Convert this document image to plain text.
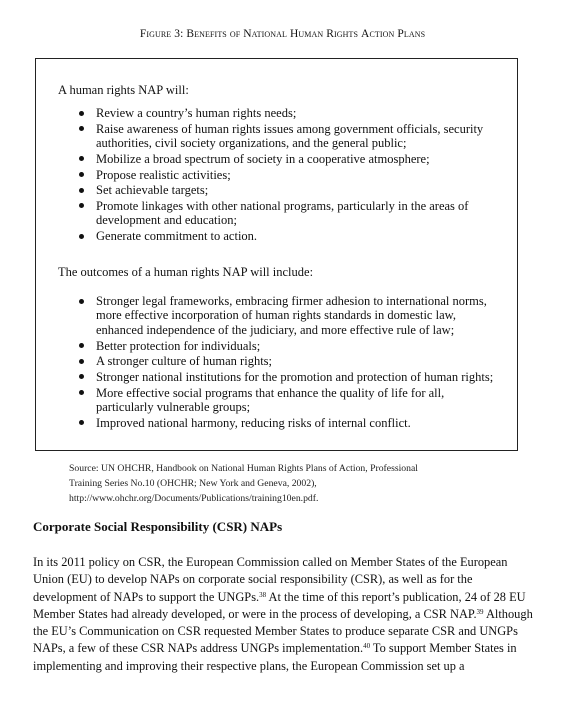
Figure 3: Benefits of National Human Rights Action Plans
A human rights NAP will:
Review a country’s human rights needs;
Raise awareness of human rights issues among government officials, security authorities, civil society organizations, and the general public;
Mobilize a broad spectrum of society in a cooperative atmosphere;
Propose realistic activities;
Set achievable targets;
Promote linkages with other national programs, particularly in the areas of development and education;
Generate commitment to action.
The outcomes of a human rights NAP will include:
Stronger legal frameworks, embracing firmer adhesion to international norms, more effective incorporation of human rights standards in domestic law, enhanced independence of the judiciary, and more effective rule of law;
Better protection for individuals;
A stronger culture of human rights;
Stronger national institutions for the promotion and protection of human rights;
More effective social programs that enhance the quality of life for all, particularly vulnerable groups;
Improved national harmony, reducing risks of internal conflict.
Source: UN OHCHR, Handbook on National Human Rights Plans of Action, Professional
Training Series No.10 (OHCHR; New York and Geneva, 2002),
http://www.ohchr.org/Documents/Publications/training10en.pdf.
Corporate Social Responsibility (CSR) NAPs

In its 2011 policy on CSR, the European Commission called on Member States of the European Union (EU) to develop NAPs on corporate social responsibility (CSR), as well as for the development of NAPs to support the UNGPs.$^{38}$ At the time of this report’s publication, 24 of 28 EU Member States had already developed, or were in the process of developing, a CSR NAP.$^{39}$ Although the EU’s Communication on CSR requested Member States to produce separate CSR and UNGPs NAPs, a few of these CSR NAPs address UNGPs implementation.$^{40}$ To support Member States in implementing and improving their respective plans, the European Commission set up a
